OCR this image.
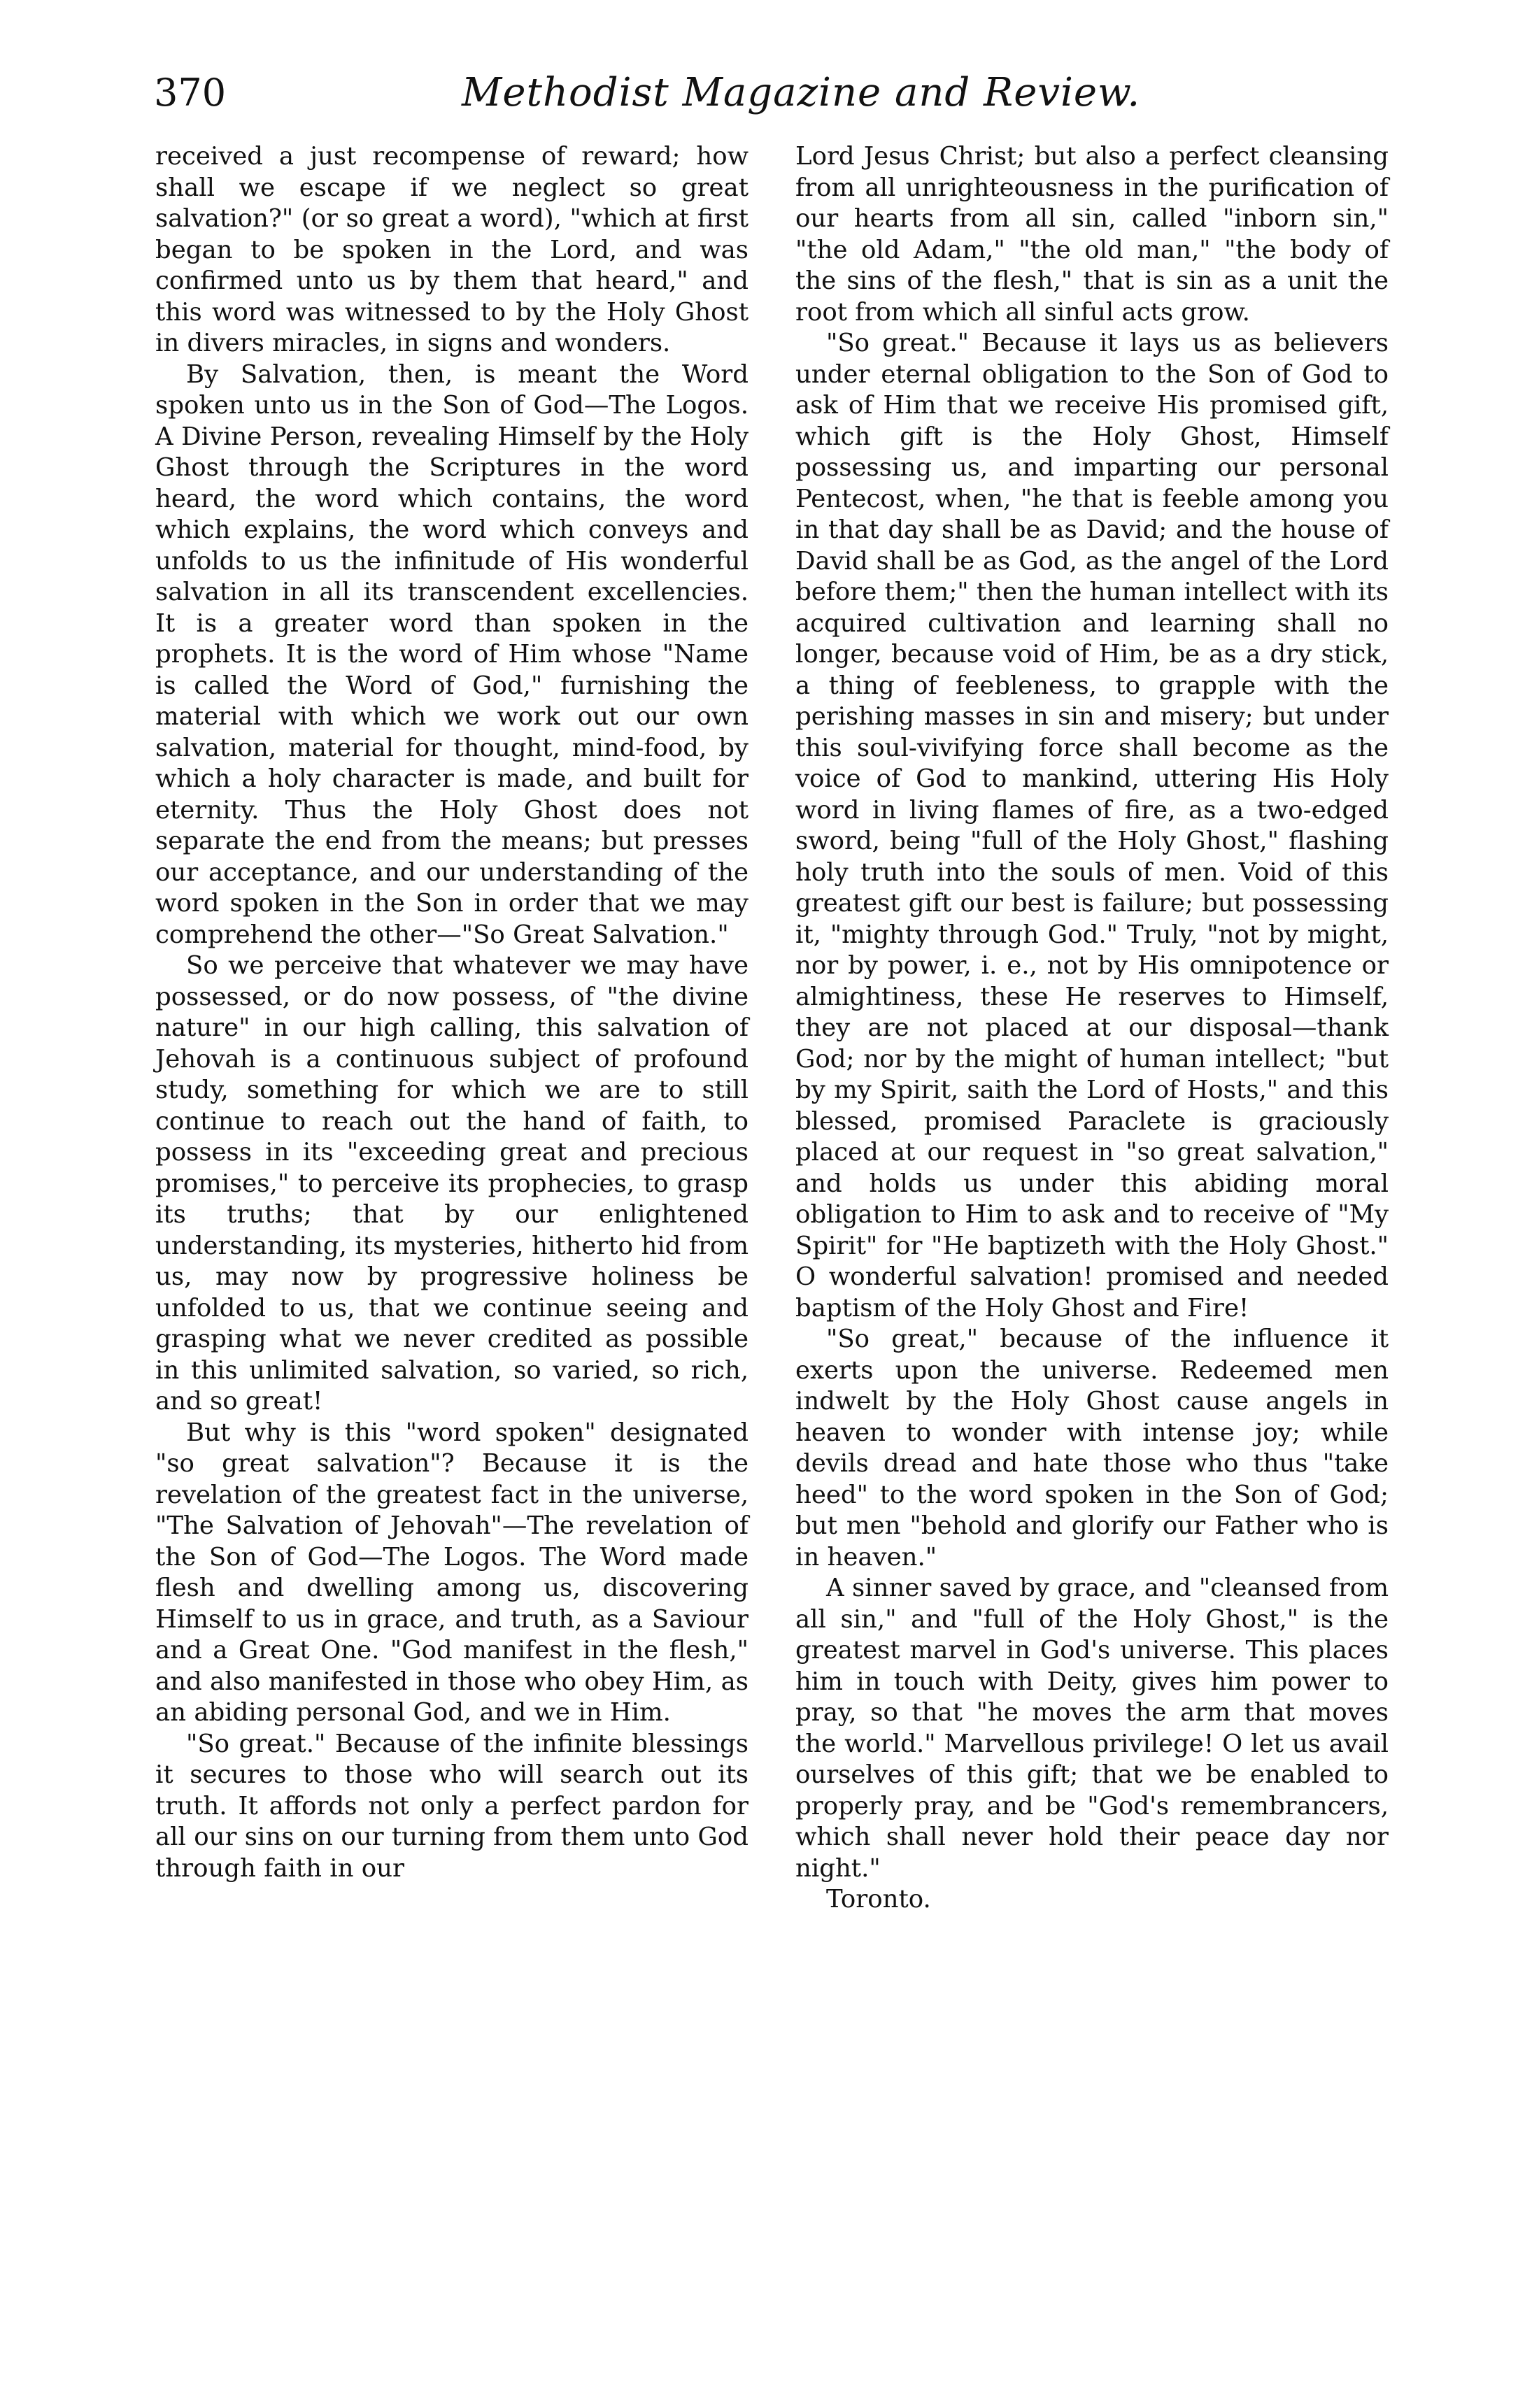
370	Methodist Magazine and Review.

received a just recompense of reward; how shall we escape if we neglect so great salvation?" (or so great a word), "which at first began to be spoken in the Lord, and was confirmed unto us by them that heard," and this word was witnessed to by the Holy Ghost in divers miracles, in signs and wonders.

By Salvation, then, is meant the Word spoken unto us in the Son of God—The Logos. A Divine Person, revealing Himself by the Holy Ghost through the Scriptures in the word heard, the word which contains, the word which explains, the word which conveys and unfolds to us the infinitude of His wonderful salvation in all its transcendent excellencies. It is a greater word than spoken in the prophets. It is the word of Him whose "Name is called the Word of God," furnishing the material with which we work out our own salvation, material for thought, mind-food, by which a holy character is made, and built for eternity. Thus the Holy Ghost does not separate the end from the means; but presses our acceptance, and our understanding of the word spoken in the Son in order that we may comprehend the other—"So Great Salvation."

So we perceive that whatever we may have possessed, or do now possess, of "the divine nature" in our high calling, this salvation of Jehovah is a continuous subject of profound study, something for which we are to still continue to reach out the hand of faith, to possess in its "exceeding great and precious promises," to perceive its prophecies, to grasp its truths; that by our enlightened understanding, its mysteries, hitherto hid from us, may now by progressive holiness be unfolded to us, that we continue seeing and grasping what we never credited as possible in this unlimited salvation, so varied, so rich, and so great!

But why is this "word spoken" designated "so great salvation"? Because it is the revelation of the greatest fact in the universe, "The Salvation of Jehovah"—The revelation of the Son of God—The Logos. The Word made flesh and dwelling among us, discovering Himself to us in grace, and truth, as a Saviour and a Great One. "God manifest in the flesh," and also manifested in those who obey Him, as an abiding personal God, and we in Him.

"So great." Because of the infinite blessings it secures to those who will search out its truth. It affords not only a perfect pardon for all our sins on our turning from them unto God through faith in our

Lord Jesus Christ; but also a perfect cleansing from all unrighteousness in the purification of our hearts from all sin, called "inborn sin," "the old Adam," "the old man," "the body of the sins of the flesh," that is sin as a unit the root from which all sinful acts grow.

"So great." Because it lays us as believers under eternal obligation to the Son of God to ask of Him that we receive His promised gift, which gift is the Holy Ghost, Himself possessing us, and imparting our personal Pentecost, when, "he that is feeble among you in that day shall be as David; and the house of David shall be as God, as the angel of the Lord before them;" then the human intellect with its acquired cultivation and learning shall no longer, because void of Him, be as a dry stick, a thing of feebleness, to grapple with the perishing masses in sin and misery; but under this soul-vivifying force shall become as the voice of God to mankind, uttering His Holy word in living flames of fire, as a two-edged sword, being "full of the Holy Ghost," flashing holy truth into the souls of men. Void of this greatest gift our best is failure; but possessing it, "mighty through God." Truly, "not by might, nor by power, i. e., not by His omnipotence or almightiness, these He reserves to Himself, they are not placed at our disposal—thank God; nor by the might of human intellect; "but by my Spirit, saith the Lord of Hosts," and this blessed, promised Paraclete is graciously placed at our request in "so great salvation," and holds us under this abiding moral obligation to Him to ask and to receive of "My Spirit" for "He baptizeth with the Holy Ghost." O wonderful salvation! promised and needed baptism of the Holy Ghost and Fire!

"So great," because of the influence it exerts upon the universe. Redeemed men indwelt by the Holy Ghost cause angels in heaven to wonder with intense joy; while devils dread and hate those who thus "take heed" to the word spoken in the Son of God; but men "behold and glorify our Father who is in heaven."

A sinner saved by grace, and "cleansed from all sin," and "full of the Holy Ghost," is the greatest marvel in God's universe. This places him in touch with Deity, gives him power to pray, so that "he moves the arm that moves the world." Marvellous privilege! O let us avail ourselves of this gift; that we be enabled to properly pray, and be "God's remembrancers, which shall never hold their peace day nor night."

Toronto.
